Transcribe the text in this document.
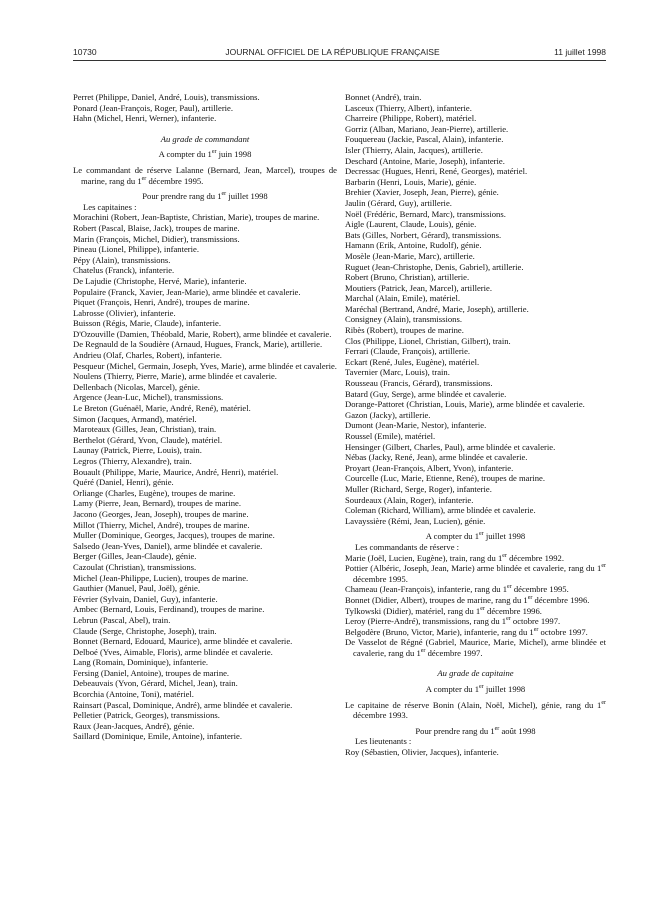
10730	JOURNAL OFFICIEL DE LA RÉPUBLIQUE FRANÇAISE	11 juillet 1998

Perret (Philippe, Daniel, André, Louis), transmissions.

Ponard (Jean-François, Roger, Paul), artillerie.

Hahn (Michel, Henri, Werner), infanterie.

Au grade de commandant

A compter du 1er juin 1998

Le commandant de réserve Lalanne (Bernard, Jean, Marcel), troupes de marine, rang du 1er décembre 1995.

Pour prendre rang du 1er juillet 1998

Les capitaines :

Morachini (Robert, Jean-Baptiste, Christian, Marie), troupes de marine.

Robert (Pascal, Blaise, Jack), troupes de marine.

Marin (François, Michel, Didier), transmissions.

Pineau (Lionel, Philippe), infanterie.

Pépy (Alain), transmissions.

Chatelus (Franck), infanterie.

De Lajudie (Christophe, Hervé, Marie), infanterie.

Populaire (Franck, Xavier, Jean-Marie), arme blindée et cavalerie.

Piquet (François, Henri, André), troupes de marine.

Labrosse (Olivier), infanterie.

Buisson (Régis, Marie, Claude), infanterie.

D'Ozouville (Damien, Théobald, Marie, Robert), arme blindée et cavalerie.

De Regnauld de la Soudière (Arnaud, Hugues, Franck, Marie), artillerie.

Andrieu (Olaf, Charles, Robert), infanterie.

Pesqueur (Michel, Germain, Joseph, Yves, Marie), arme blindée et cavalerie.

Noulens (Thierry, Pierre, Marie), arme blindée et cavalerie.

Dellenbach (Nicolas, Marcel), génie.

Argence (Jean-Luc, Michel), transmissions.

Le Breton (Guénaël, Marie, André, René), matériel.

Simon (Jacques, Armand), matériel.

Maroteaux (Gilles, Jean, Christian), train.

Berthelot (Gérard, Yvon, Claude), matériel.

Launay (Patrick, Pierre, Louis), train.

Legros (Thierry, Alexandre), train.

Bouault (Philippe, Marie, Maurice, André, Henri), matériel.

Quéré (Daniel, Henri), génie.

Orliange (Charles, Eugène), troupes de marine.

Lamy (Pierre, Jean, Bernard), troupes de marine.

Jacono (Georges, Jean, Joseph), troupes de marine.

Millot (Thierry, Michel, André), troupes de marine.

Muller (Dominique, Georges, Jacques), troupes de marine.

Salsedo (Jean-Yves, Daniel), arme blindée et cavalerie.

Berger (Gilles, Jean-Claude), génie.

Cazoulat (Christian), transmissions.

Michel (Jean-Philippe, Lucien), troupes de marine.

Gauthier (Manuel, Paul, Joël), génie.

Février (Sylvain, Daniel, Guy), infanterie.

Ambec (Bernard, Louis, Ferdinand), troupes de marine.

Lebrun (Pascal, Abel), train.

Claude (Serge, Christophe, Joseph), train.

Bonnet (Bernard, Edouard, Maurice), arme blindée et cavalerie.

Delboé (Yves, Aimable, Floris), arme blindée et cavalerie.

Lang (Romain, Dominique), infanterie.

Fersing (Daniel, Antoine), troupes de marine.

Debeauvais (Yvon, Gérard, Michel, Jean), train.

Bcorchia (Antoine, Toni), matériel.

Rainsart (Pascal, Dominique, André), arme blindée et cavalerie.

Pelletier (Patrick, Georges), transmissions.

Raux (Jean-Jacques, André), génie.

Saillard (Dominique, Emile, Antoine), infanterie.

Bonnet (André), train.

Lasceux (Thierry, Albert), infanterie.

Charreire (Philippe, Robert), matériel.

Gorriz (Alban, Mariano, Jean-Pierre), artillerie.

Fouquereau (Jackie, Pascal, Alain), infanterie.

Isler (Thierry, Alain, Jacques), artillerie.

Deschard (Antoine, Marie, Joseph), infanterie.

Decressac (Hugues, Henri, René, Georges), matériel.

Barbarin (Henri, Louis, Marie), génie.

Brehier (Xavier, Joseph, Jean, Pierre), génie.

Jaulin (Gérard, Guy), artillerie.

Noël (Frédéric, Bernard, Marc), transmissions.

Aigle (Laurent, Claude, Louis), génie.

Bats (Gilles, Norbert, Gérard), transmissions.

Hamann (Erik, Antoine, Rudolf), génie.

Mosèle (Jean-Marie, Marc), artillerie.

Ruguet (Jean-Christophe, Denis, Gabriel), artillerie.

Robert (Bruno, Christian), artillerie.

Moutiers (Patrick, Jean, Marcel), artillerie.

Marchal (Alain, Emile), matériel.

Maréchal (Bertrand, André, Marie, Joseph), artillerie.

Consigney (Alain), transmissions.

Ribès (Robert), troupes de marine.

Clos (Philippe, Lionel, Christian, Gilbert), train.

Ferrari (Claude, François), artillerie.

Eckart (René, Jules, Eugène), matériel.

Tavernier (Marc, Louis), train.

Rousseau (Francis, Gérard), transmissions.

Batard (Guy, Serge), arme blindée et cavalerie.

Dorange-Pattoret (Christian, Louis, Marie), arme blindée et cavalerie.

Gazon (Jacky), artillerie.

Dumont (Jean-Marie, Nestor), infanterie.

Roussel (Emile), matériel.

Hensinger (Gilbert, Charles, Paul), arme blindée et cavalerie.

Nébas (Jacky, René, Jean), arme blindée et cavalerie.

Proyart (Jean-François, Albert, Yvon), infanterie.

Courcelle (Luc, Marie, Etienne, René), troupes de marine.

Muller (Richard, Serge, Roger), infanterie.

Sourdeaux (Alain, Roger), infanterie.

Coleman (Richard, William), arme blindée et cavalerie.

Lavayssière (Rémi, Jean, Lucien), génie.

A compter du 1er juillet 1998

Les commandants de réserve :

Marie (Joël, Lucien, Eugène), train, rang du 1er décembre 1992.

Pottier (Albéric, Joseph, Jean, Marie) arme blindée et cavalerie, rang du 1er décembre 1995.

Chameau (Jean-François), infanterie, rang du 1er décembre 1995.

Bonnet (Didier, Albert), troupes de marine, rang du 1er décembre 1996.

Tylkowski (Didier), matériel, rang du 1er décembre 1996.

Leroy (Pierre-André), transmissions, rang du 1er octobre 1997.

Belgodère (Bruno, Victor, Marie), infanterie, rang du 1er octobre 1997.

De Vasselot de Régné (Gabriel, Maurice, Marie, Michel), arme blindée et cavalerie, rang du 1er décembre 1997.

Au grade de capitaine

A compter du 1er juillet 1998

Le capitaine de réserve Bonin (Alain, Noël, Michel), génie, rang du 1er décembre 1993.

Pour prendre rang du 1er août 1998

Les lieutenants :

Roy (Sébastien, Olivier, Jacques), infanterie.
